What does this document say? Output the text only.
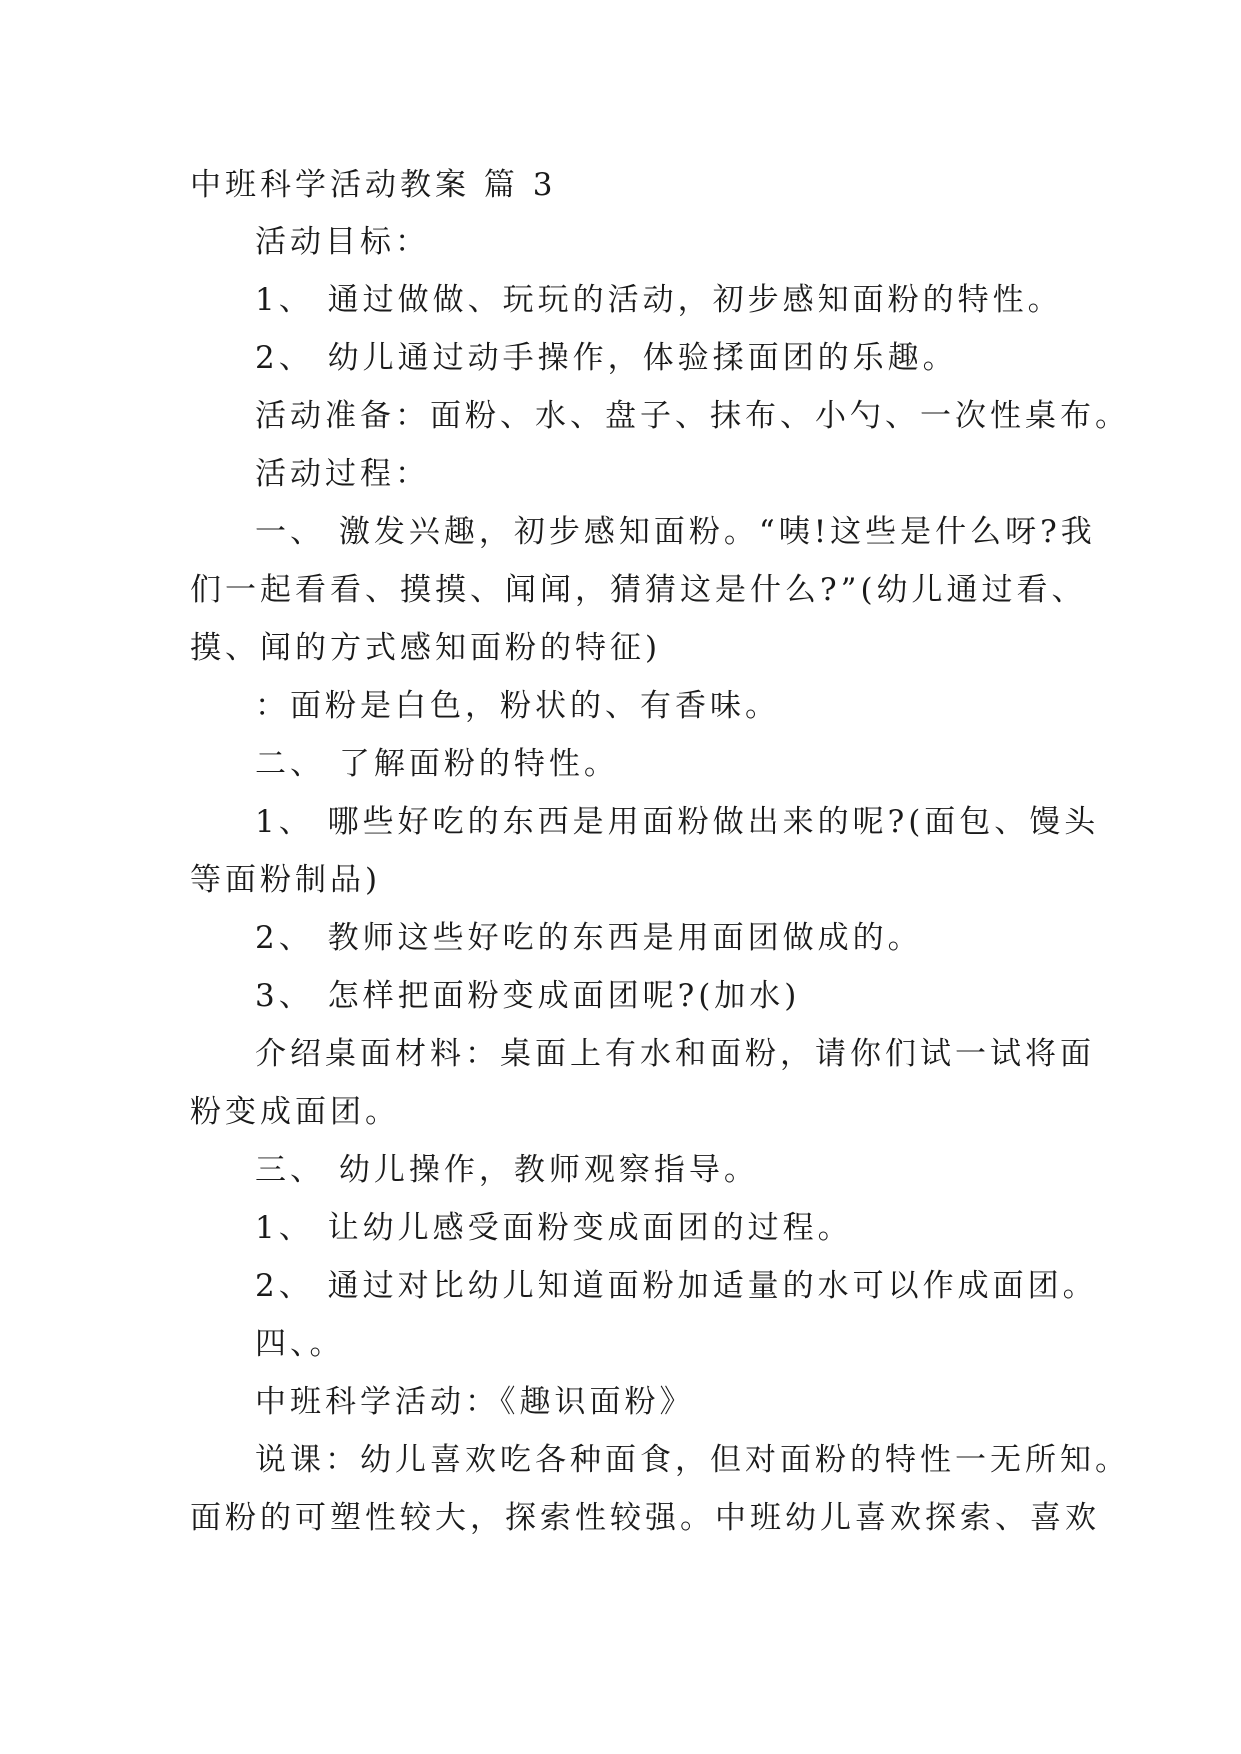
中班科学活动教案 篇 3
活动目标：
1、 通过做做、玩玩的活动，初步感知面粉的特性。
2、 幼儿通过动手操作，体验揉面团的乐趣。
活动准备：面粉、水、盘子、抹布、小勺、一次性桌布。
活动过程：
一、 激发兴趣，初步感知面粉。“咦!这些是什么呀?我
们一起看看、摸摸、闻闻，猜猜这是什么?”(幼儿通过看、
摸、闻的方式感知面粉的特征)
：面粉是白色，粉状的、有香味。
二、 了解面粉的特性。
1、 哪些好吃的东西是用面粉做出来的呢?(面包、馒头
等面粉制品)
2、 教师这些好吃的东西是用面团做成的。
3、 怎样把面粉变成面团呢?(加水)
介绍桌面材料：桌面上有水和面粉，请你们试一试将面
粉变成面团。
三、 幼儿操作，教师观察指导。
1、 让幼儿感受面粉变成面团的过程。
2、 通过对比幼儿知道面粉加适量的水可以作成面团。
四、。
中班科学活动：《趣识面粉》
说课：幼儿喜欢吃各种面食，但对面粉的特性一无所知。
面粉的可塑性较大，探索性较强。中班幼儿喜欢探索、喜欢
